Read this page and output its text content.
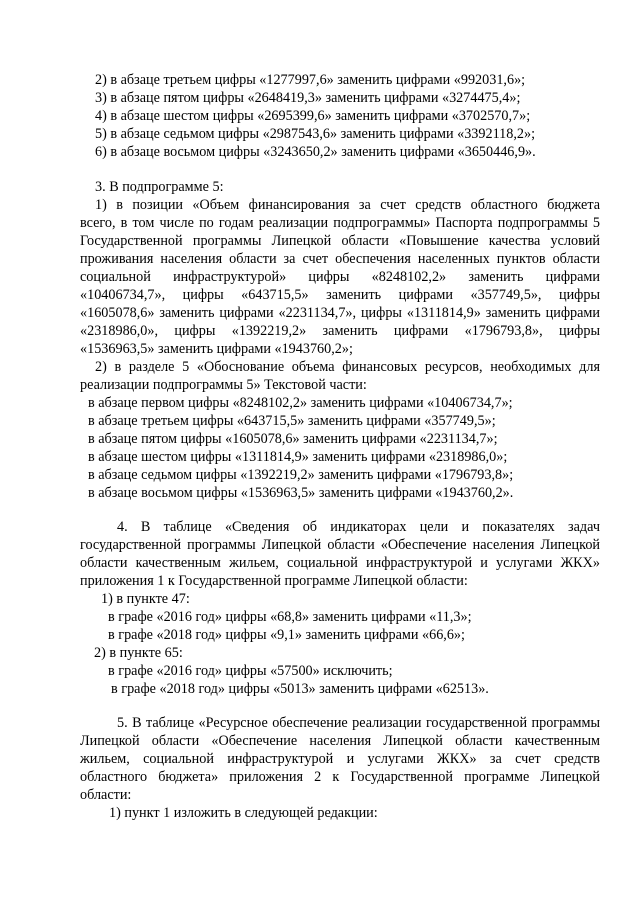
2) в абзаце третьем цифры «1277997,6» заменить цифрами «992031,6»;
3) в абзаце пятом цифры «2648419,3» заменить цифрами «3274475,4»;
4) в абзаце шестом цифры «2695399,6» заменить цифрами «3702570,7»;
5) в абзаце седьмом цифры «2987543,6» заменить цифрами «3392118,2»;
6) в абзаце восьмом цифры «3243650,2» заменить цифрами «3650446,9».
3. В подпрограмме 5:
1) в позиции «Объем финансирования за счет средств областного бюджета
всего, в том числе по годам реализации подпрограммы» Паспорта подпрограммы 5
Государственной программы Липецкой области «Повышение качества условий
проживания населения области за счет обеспечения населенных пунктов области
социальной инфраструктурой» цифры «8248102,2» заменить цифрами
«10406734,7», цифры «643715,5» заменить цифрами «357749,5», цифры
«1605078,6» заменить цифрами «2231134,7», цифры «1311814,9» заменить цифрами
«2318986,0», цифры «1392219,2» заменить цифрами «1796793,8», цифры
«1536963,5» заменить цифрами «1943760,2»;
2) в разделе 5 «Обоснование объема финансовых ресурсов, необходимых для
реализации подпрограммы 5» Текстовой части:
в абзаце первом цифры «8248102,2» заменить цифрами «10406734,7»;
в абзаце третьем цифры «643715,5» заменить цифрами «357749,5»;
в абзаце пятом цифры «1605078,6» заменить цифрами «2231134,7»;
в абзаце шестом цифры «1311814,9» заменить цифрами «2318986,0»;
в абзаце седьмом цифры «1392219,2» заменить цифрами «1796793,8»;
в абзаце восьмом цифры «1536963,5» заменить цифрами «1943760,2».
4. В таблице «Сведения об индикаторах цели и показателях задач
государственной программы Липецкой области «Обеспечение населения Липецкой
области качественным жильем, социальной инфраструктурой и услугами ЖКХ»
приложения 1 к Государственной программе Липецкой области:
1) в пункте 47:
в графе «2016 год» цифры «68,8» заменить цифрами «11,3»;
в графе «2018 год» цифры «9,1» заменить цифрами «66,6»;
2) в пункте 65:
в графе «2016 год» цифры «57500» исключить;
в графе «2018 год» цифры «5013» заменить цифрами «62513».
5. В таблице «Ресурсное обеспечение реализации государственной программы
Липецкой области «Обеспечение населения Липецкой области качественным
жильем, социальной инфраструктурой и услугами ЖКХ» за счет средств
областного бюджета» приложения 2 к Государственной программе Липецкой
области:
1) пункт 1 изложить в следующей редакции:
